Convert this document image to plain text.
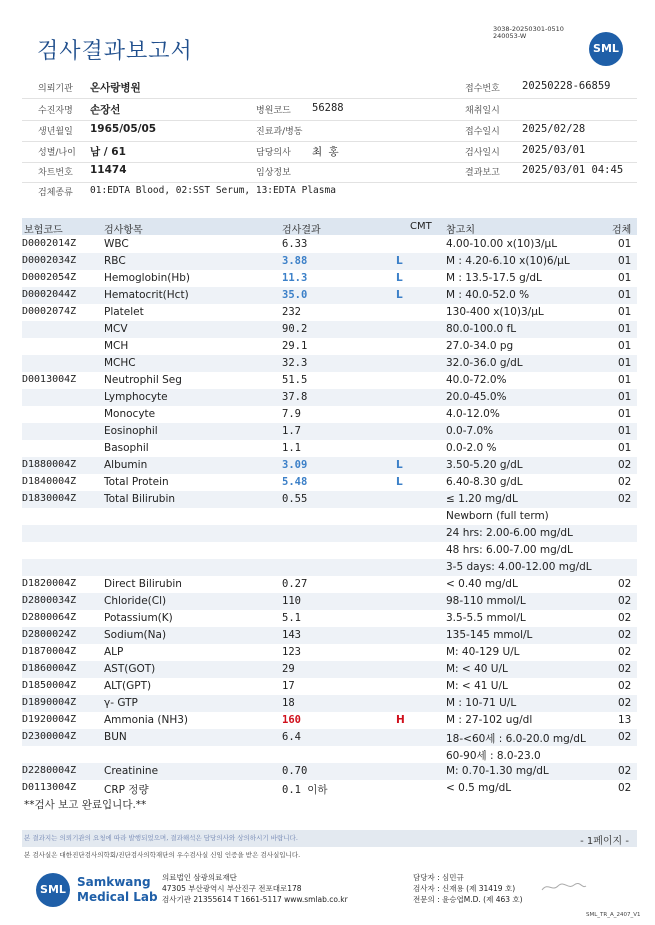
검사결과보고서
3038-20250301-0510
240053-W
SML
의뢰기관 온사랑병원	접수번호 20250228-66859
수진자명 손장선	병원코드 56288	채취일시
생년월일 1965/05/05	진료과/병동	접수일시 2025/02/28
성별/나이 남 / 61	담당의사 최 홍	검사일시 2025/03/01
차트번호 11474	임상정보	결과보고 2025/03/01 04:45
검체종류 01:EDTA Blood, 02:SST Serum, 13:EDTA Plasma
보험코드	검사항목	검사결과	CMT 참고치	검체
D0002014Z	WBC	6.33	4.00-10.00 x(10)3/μL	01
D0002034Z	RBC	3.88	L	M : 4.20-6.10 x(10)6/μL	01
D0002054Z	Hemoglobin(Hb)	11.3	L	M : 13.5-17.5 g/dL	01
D0002044Z	Hematocrit(Hct)	35.0	L	M : 40.0-52.0 %	01
D0002074Z	Platelet	232	130-400 x(10)3/μL	01
MCV	90.2	80.0-100.0 fL	01
MCH	29.1	27.0-34.0 pg	01
MCHC	32.3	32.0-36.0 g/dL	01
D0013004Z	Neutrophil Seg	51.5	40.0-72.0%	01
Lymphocyte	37.8	20.0-45.0%	01
Monocyte	7.9	4.0-12.0%	01
Eosinophil	1.7	0.0-7.0%	01
Basophil	1.1	0.0-2.0 %	01
D1880004Z	Albumin	3.09	L	3.50-5.20 g/dL	02
D1840004Z	Total Protein	5.48	L	6.40-8.30 g/dL	02
D1830004Z	Total Bilirubin	0.55	≤ 1.20 mg/dL	02
Newborn (full term)
24 hrs: 2.00-6.00 mg/dL
48 hrs: 6.00-7.00 mg/dL
3-5 days: 4.00-12.00 mg/dL
D1820004Z	Direct Bilirubin	0.27	< 0.40 mg/dL	02
D2800034Z	Chloride(Cl)	110	98-110 mmol/L	02
D2800064Z	Potassium(K)	5.1	3.5-5.5 mmol/L	02
D2800024Z	Sodium(Na)	143	135-145 mmol/L	02
D1870004Z	ALP	123	M: 40-129 U/L	02
D1860004Z	AST(GOT)	29	M: < 40 U/L	02
D1850004Z	ALT(GPT)	17	M: < 41 U/L	02
D1890004Z	γ- GTP	18	M : 10-71 U/L	02
D1920004Z	Ammonia (NH3)	160	H	M : 27-102 ug/dl	13
D2300004Z	BUN	6.4	18-<60세 : 6.0-20.0 mg/dL	02
60-90세 : 8.0-23.0
D2280004Z	Creatinine	0.70	M: 0.70-1.30 mg/dL	02
D0113004Z	CRP 정량	0.1 이하	< 0.5 mg/dL	02
**검사 보고 완료입니다.**
본 결과지는 의뢰기관의 요청에 따라 발행되었으며, 결과해석은 담당의사와 상의하시기 바랍니다.	- 1페이지 -
본 검사실은 대한진단검사의학회/진단검사의학재단의 우수검사실 신임 인증을 받은 검사실입니다.
SML
Samkwang
Medical Lab
의료법인 삼광의료재단
47305 부산광역시 부산진구 전포대로178
검사기관 21355614 T 1661-5117 www.smlab.co.kr
담당자 : 심민규
검사자 : 신재용 (제 31419 호)
전문의 : 윤승엽M.D. (제 463 호)
SML_TR_A_2407_V1
